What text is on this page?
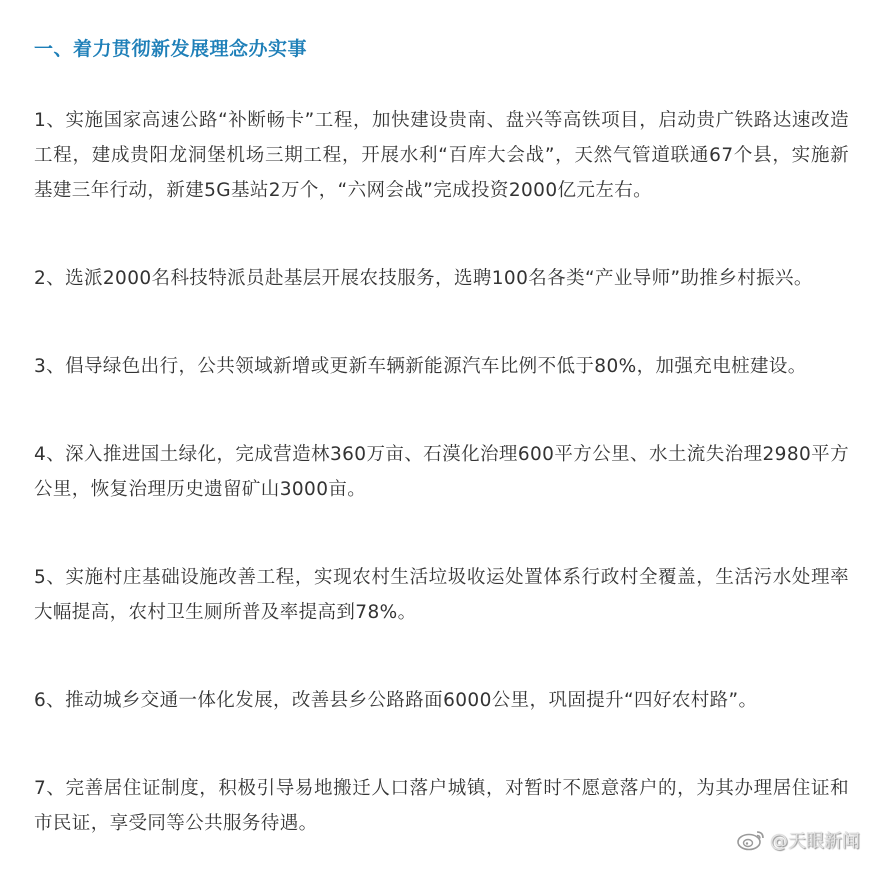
一、着力贯彻新发展理念办实事
1、实施国家高速公路“补断畅卡”工程，加快建设贵南、盘兴等高铁项目，启动贵广铁路达速改造工程，建成贵阳龙洞堡机场三期工程，开展水利“百库大会战”，天然气管道联通67个县，实施新基建三年行动，新建5G基站2万个，“六网会战”完成投资2000亿元左右。
2、选派2000名科技特派员赴基层开展农技服务，选聘100名各类“产业导师”助推乡村振兴。
3、倡导绿色出行，公共领域新增或更新车辆新能源汽车比例不低于80%，加强充电桩建设。
4、深入推进国土绿化，完成营造林360万亩、石漠化治理600平方公里、水土流失治理2980平方公里，恢复治理历史遗留矿山3000亩。
5、实施村庄基础设施改善工程，实现农村生活垃圾收运处置体系行政村全覆盖，生活污水处理率大幅提高，农村卫生厕所普及率提高到78%。
6、推动城乡交通一体化发展，改善县乡公路路面6000公里，巩固提升“四好农村路”。
7、完善居住证制度，积极引导易地搬迁人口落户城镇，对暂时不愿意落户的，为其办理居住证和市民证，享受同等公共服务待遇。
@天眼新闻
